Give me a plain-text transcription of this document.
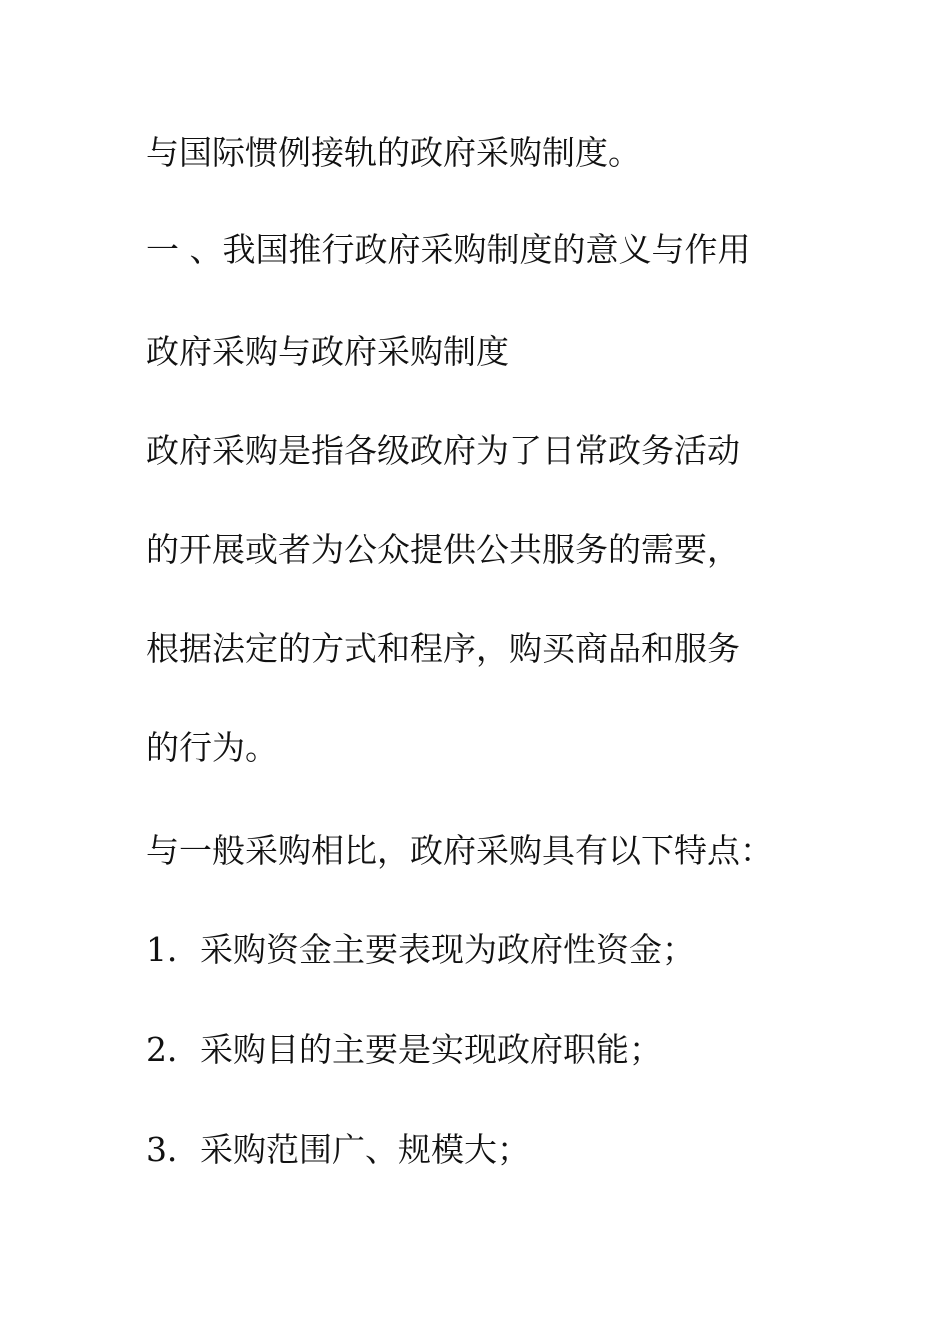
与国际惯例接轨的政府采购制度。

一 、我国推行政府采购制度的意义与作用

政府采购与政府采购制度

政府采购是指各级政府为了日常政务活动

的开展或者为公众提供公共服务的需要，

根据法定的方式和程序，购买商品和服务

的行为。

与一般采购相比，政府采购具有以下特点：

1．采购资金主要表现为政府性资金；

2．采购目的主要是实现政府职能；

3．采购范围广、规模大；
